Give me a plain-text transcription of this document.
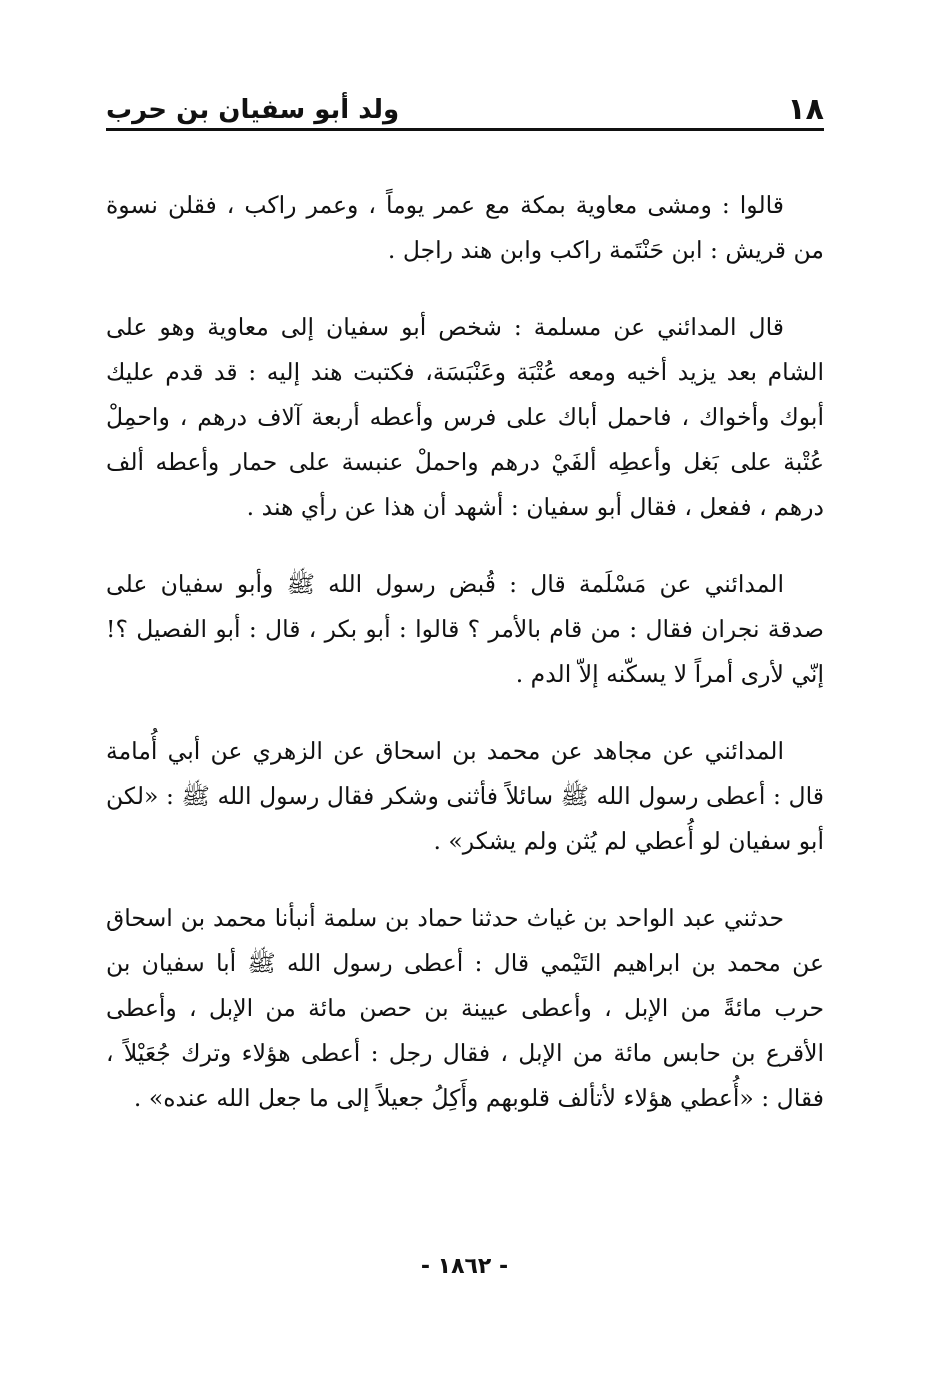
١٨
ولد أبو سفيان بن حرب

قالوا : ومشى معاوية بمكة مع عمر يوماً ، وعمر راكب ، فقلن نسوة من قريش : ابن حَنْتَمة راكب وابن هند راجل .

قال المدائني عن مسلمة : شخص أبو سفيان إلى معاوية وهو على الشام بعد يزيد أخيه ومعه عُتْبَة وعَنْبَسَة، فكتبت هند إليه : قد قدم عليك أبوك وأخواك ، فاحمل أباك على فرس وأعطه أربعة آلاف درهم ، واحمِلْ عُتْبة على بَغل وأعطِه ألفَيْ درهم واحملْ عنبسة على حمار وأعطه ألف درهم ، ففعل ، فقال أبو سفيان : أشهد أن هذا عن رأي هند .

المدائني عن مَسْلَمة قال : قُبض رسول الله ﷺ وأبو سفيان على صدقة نجران فقال : من قام بالأمر ؟ قالوا : أبو بكر ، قال : أبو الفصيل ؟! إنّي لأرى أمراً لا يسكّنه إلاّ الدم .

المدائني عن مجاهد عن محمد بن اسحاق عن الزهري عن أبي أُمامة قال : أعطى رسول الله ﷺ سائلاً فأثنى وشكر فقال رسول الله ﷺ : «لكن أبو سفيان لو أُعطي لم يُثن ولم يشكر» .

حدثني عبد الواحد بن غياث حدثنا حماد بن سلمة أنبأنا محمد بن اسحاق عن محمد بن ابراهيم التَيْمي قال : أعطى رسول الله ﷺ أبا سفيان بن حرب مائةً من الإبل ، وأعطى عيينة بن حصن مائة من الإبل ، وأعطى الأقرع بن حابس مائة من الإبل ، فقال رجل : أعطى هؤلاء وترك جُعَيْلاً ، فقال : «أُعطي هؤلاء لأتألف قلوبهم وأَكِلُ جعيلاً إلى ما جعل الله عنده» .

- ١٨٦٢ -
